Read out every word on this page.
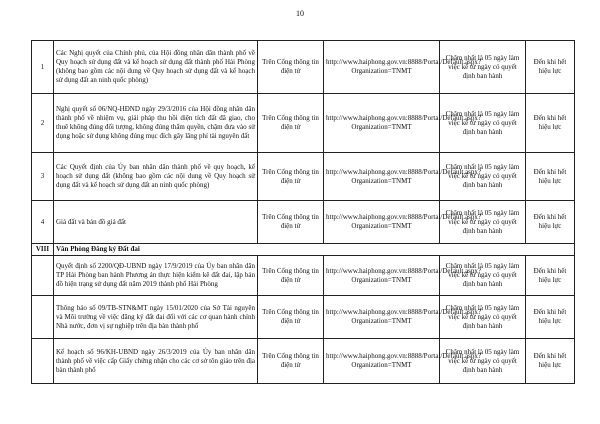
10
1	Các Nghị quyết của Chính phủ, của Hội đồng nhân dân thành phố về Quy hoạch sử dụng đất và kế hoạch sử dụng đất thành phố Hải Phòng (không bao gồm các nội dung về Quy hoạch sử dụng đất và kế hoạch sử dụng đất an ninh quốc phòng)	Trên Cổng thông tin điện tử	http://www.haiphong.gov.vn:8888/Portal/Default.aspx?Organization=TNMT	Chậm nhất là 05 ngày làm việc kể từ ngày có quyết định ban hành	Đến khi hết hiệu lực
2	Nghị quyết số 06/NQ-HĐND ngày 29/3/2016 của Hội đồng nhân dân thành phố về nhiệm vụ, giải pháp thu hồi diện tích đất đã giao, cho thuê không đúng đối tượng, không đúng thẩm quyền, chậm đưa vào sử dụng hoặc sử dụng không đúng mục đích gây lãng phí tài nguyên đất	Trên Cổng thông tin điện tử	http://www.haiphong.gov.vn:8888/Portal/Default.aspx?Organization=TNMT	Chậm nhất là 05 ngày làm việc kể từ ngày có quyết định ban hành	Đến khi hết hiệu lực
3	Các Quyết định của Ủy ban nhân dân thành phố về quy hoạch, kế hoạch sử dụng đất (không bao gồm các nội dung về Quy hoạch sử dụng đất và kế hoạch sử dụng đất an ninh quốc phòng)	Trên Cổng thông tin điện tử	http://www.haiphong.gov.vn:8888/Portal/Default.aspx?Organization=TNMT	Chậm nhất là 05 ngày làm việc kể từ ngày có quyết định ban hành	Đến khi hết hiệu lực
4	Giá đất và bản đồ giá đất	Trên Cổng thông tin điện tử	http://www.haiphong.gov.vn:8888/Portal/Default.aspx?Organization=TNMT	Chậm nhất là 05 ngày làm việc kể từ ngày có quyết định ban hành	Đến khi hết hiệu lực
VIII	Văn Phòng Đăng ký Đất đai				
	Quyết định số 2200/QĐ-UBND ngày 17/9/2019 của Ủy ban nhân dân TP Hải Phòng ban hành Phương án thực hiện kiểm kê đất đai, lập bản đồ hiện trạng sử dụng đất năm 2019 thành phố Hải Phòng	Trên Cổng thông tin điện tử	http://www.haiphong.gov.vn:8888/Portal/Default.aspx?Organization=TNMT	Chậm nhất là 05 ngày làm việc kể từ ngày có quyết định ban hành	Đến khi hết hiệu lực
	Thông báo số 09/TB-STN&MT ngày 15/01/2020 của Sở Tài nguyên và Môi trường về việc đăng ký đất đai đối với các cơ quan hành chính Nhà nước, đơn vị sự nghiệp trên địa bàn thành phố	Trên Cổng thông tin điện tử	http://www.haiphong.gov.vn:8888/Portal/Default.aspx?Organization=TNMT	Chậm nhất là 05 ngày làm việc kể từ ngày có quyết định ban hành	Đến khi hết hiệu lực
	Kế hoạch số 96/KH-UBND ngày 26/3/2019 của Ủy ban nhân dân thành phố về việc cấp Giấy chứng nhận cho các cơ sở tôn giáo trên địa bàn thành phố	Trên Cổng thông tin điện tử	http://www.haiphong.gov.vn:8888/Portal/Default.aspx?Organization=TNMT	Chậm nhất là 05 ngày làm việc kể từ ngày có quyết định ban hành	Đến khi hết hiệu lực
